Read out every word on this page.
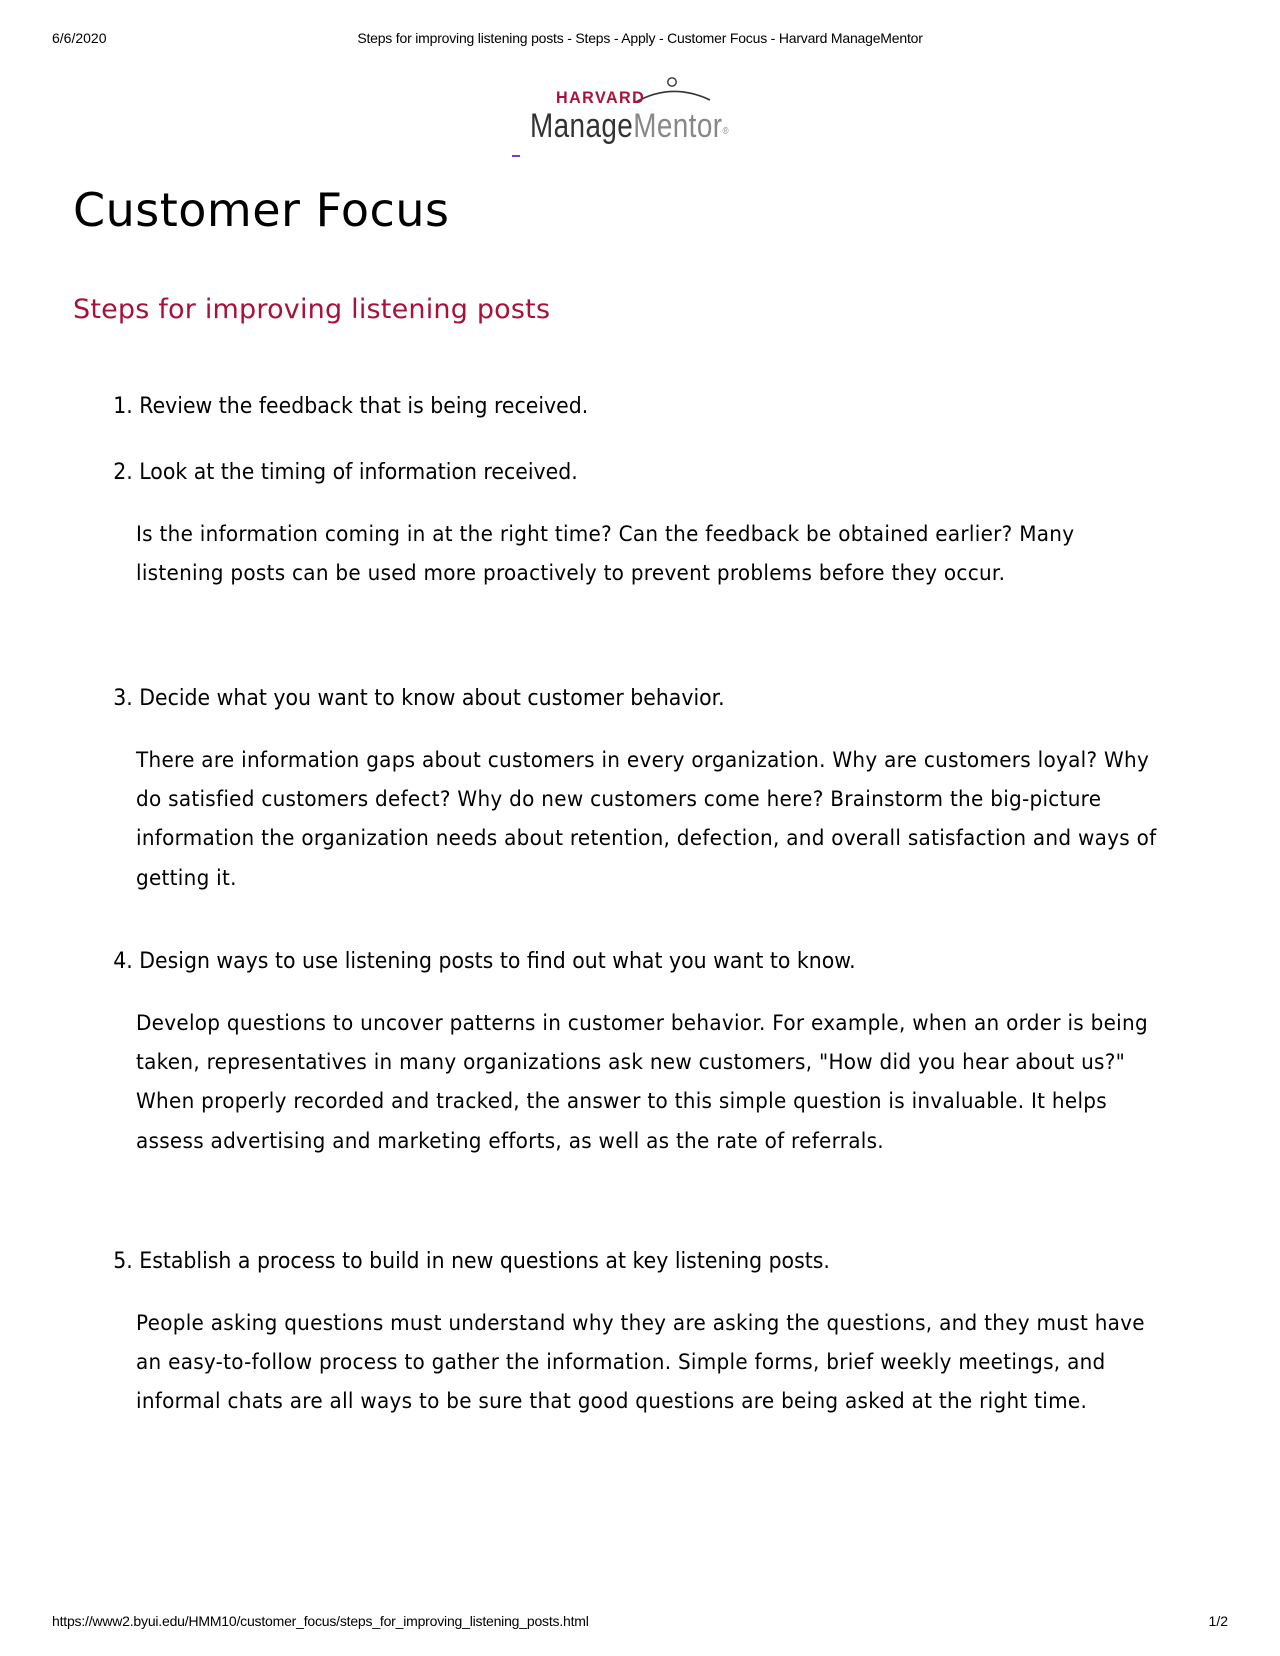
6/6/2020	Steps for improving listening posts - Steps - Apply - Customer Focus - Harvard ManageMentor
HARVARD
ManageMentor®
Customer Focus
Steps for improving listening posts

1. Review the feedback that is being received.

2. Look at the timing of information received.

Is the information coming in at the right time? Can the feedback be obtained earlier? Many listening posts can be used more proactively to prevent problems before they occur.

3. Decide what you want to know about customer behavior.

There are information gaps about customers in every organization. Why are customers loyal? Why do satisfied customers defect? Why do new customers come here? Brainstorm the big-picture information the organization needs about retention, defection, and overall satisfaction and ways of getting it.

4. Design ways to use listening posts to find out what you want to know.

Develop questions to uncover patterns in customer behavior. For example, when an order is being taken, representatives in many organizations ask new customers, "How did you hear about us?" When properly recorded and tracked, the answer to this simple question is invaluable. It helps assess advertising and marketing efforts, as well as the rate of referrals.

5. Establish a process to build in new questions at key listening posts.

People asking questions must understand why they are asking the questions, and they must have an easy-to-follow process to gather the information. Simple forms, brief weekly meetings, and informal chats are all ways to be sure that good questions are being asked at the right time.

https://www2.byui.edu/HMM10/customer_focus/steps_for_improving_listening_posts.html	1/2
